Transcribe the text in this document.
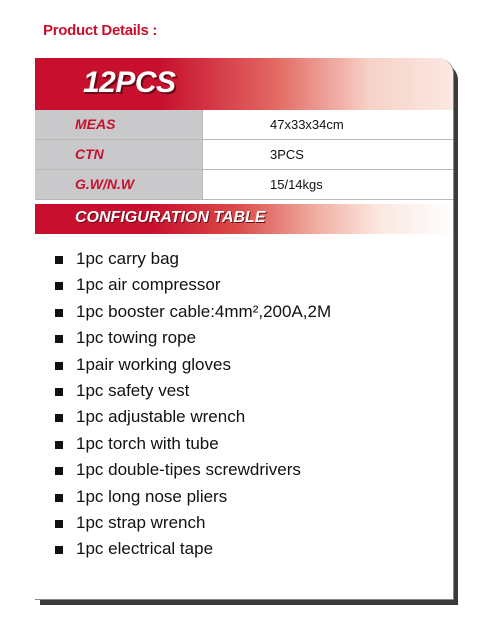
Product Details :
12PCS
MEAS	47x33x34cm
CTN	3PCS
G.W/N.W	15/14kgs
CONFIGURATION TABLE
1pc carry bag
1pc air compressor
1pc booster cable:4mm²,200A,2M
1pc towing rope
1pair working gloves
1pc safety vest
1pc adjustable wrench
1pc torch with tube
1pc double-tipes screwdrivers
1pc long nose pliers
1pc strap wrench
1pc electrical tape
